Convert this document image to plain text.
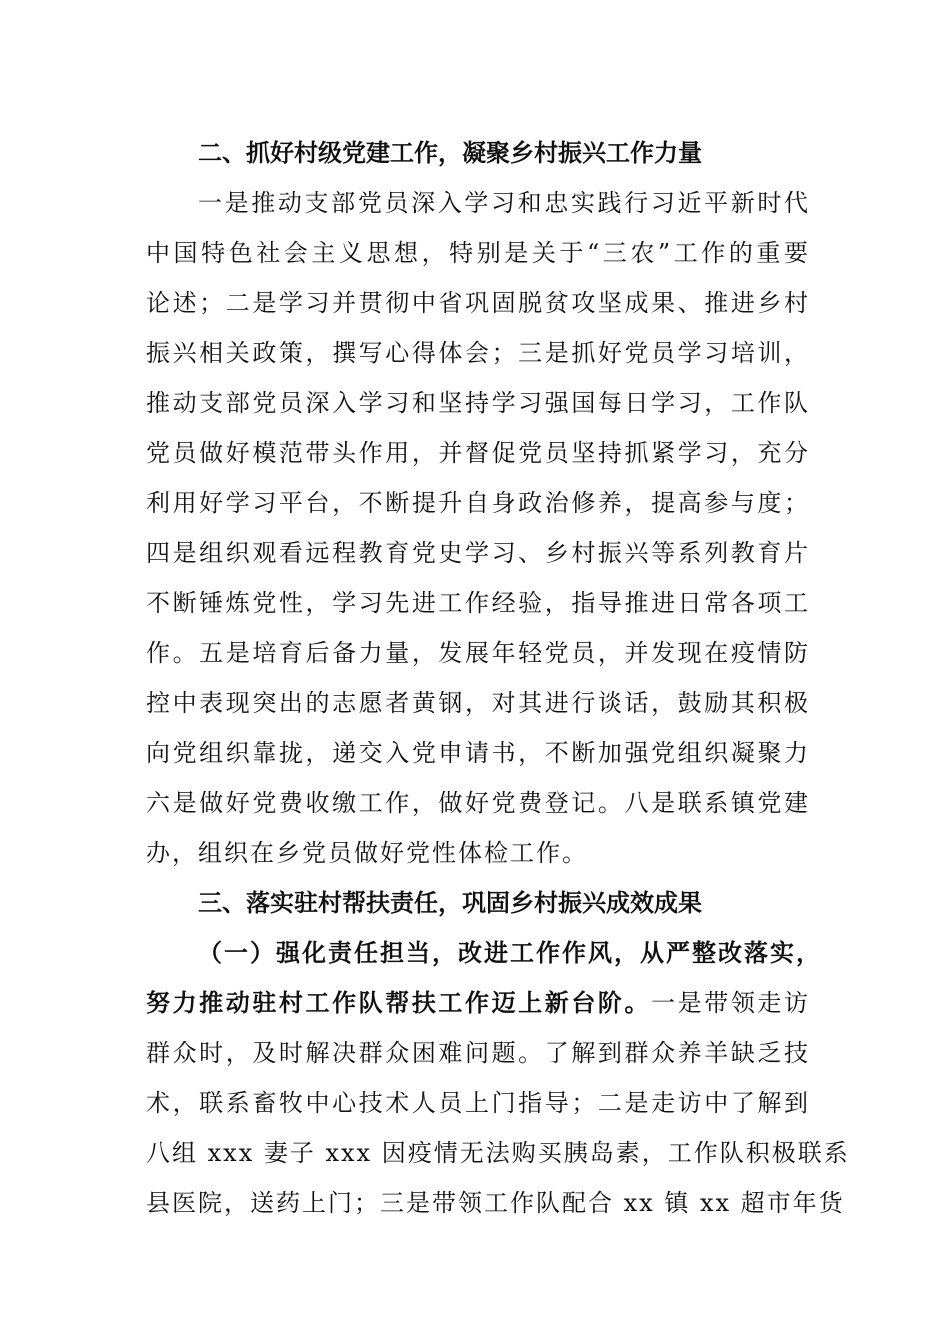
二、抓好村级党建工作，凝聚乡村振兴工作力量

一是推动支部党员深入学习和忠实践行习近平新时代
中国特色社会主义思想，特别是关于“三农”工作的重要
论述；二是学习并贯彻中省巩固脱贫攻坚成果、推进乡村
振兴相关政策，撰写心得体会；三是抓好党员学习培训，
推动支部党员深入学习和坚持学习强国每日学习，工作队
党员做好模范带头作用，并督促党员坚持抓紧学习，充分
利用好学习平台，不断提升自身政治修养，提高参与度；
四是组织观看远程教育党史学习、乡村振兴等系列教育片
不断锤炼党性，学习先进工作经验，指导推进日常各项工
作。五是培育后备力量，发展年轻党员，并发现在疫情防
控中表现突出的志愿者黄钢，对其进行谈话，鼓励其积极
向党组织靠拢，递交入党申请书，不断加强党组织凝聚力
六是做好党费收缴工作，做好党费登记。八是联系镇党建
办，组织在乡党员做好党性体检工作。

三、落实驻村帮扶责任，巩固乡村振兴成效成果

（一）强化责任担当，改进工作作风，从严整改落实，
努力推动驻村工作队帮扶工作迈上新台阶。一是带领走访
群众时，及时解决群众困难问题。了解到群众养羊缺乏技
术，联系畜牧中心技术人员上门指导；二是走访中了解到
八组 xxx 妻子 xxx 因疫情无法购买胰岛素，工作队积极联系
县医院，送药上门；三是带领工作队配合 xx 镇 xx 超市年货
